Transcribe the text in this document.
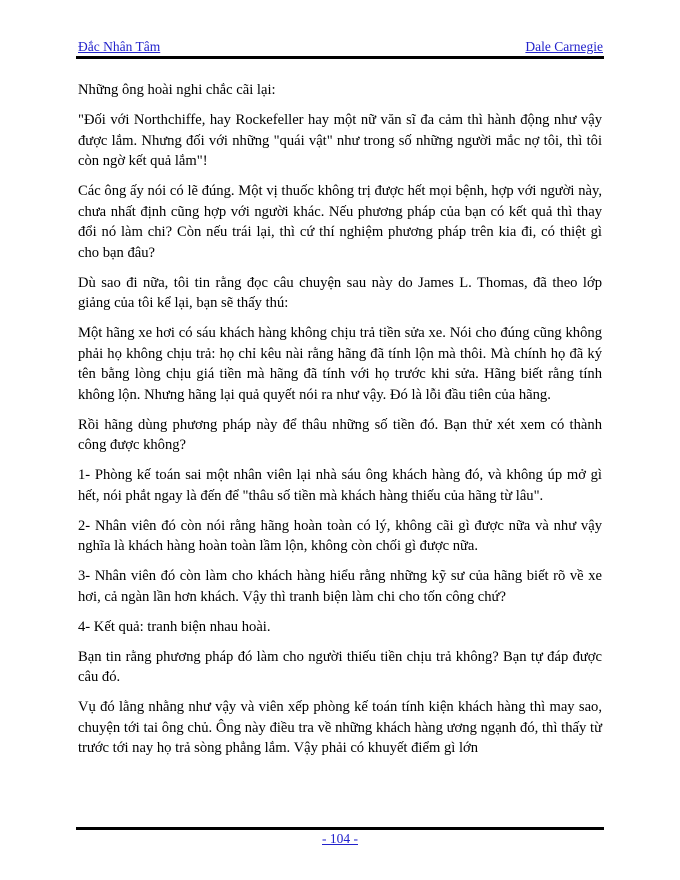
Đắc Nhân Tâm	Dale Carnegie

Những ông hoài nghi chắc cãi lại:

"Đối với Northchiffe, hay Rockefeller hay một nữ văn sĩ đa cảm thì hành động như vậy được lắm. Nhưng đối với những "quái vật" như trong số những người mắc nợ tôi, thì tôi còn ngờ kết quả lắm"!

Các ông ấy nói có lẽ đúng. Một vị thuốc không trị được hết mọi bệnh, hợp với người này, chưa nhất định cũng hợp với người khác. Nếu phương pháp của bạn có kết quả thì thay đổi nó làm chi? Còn nếu trái lại, thì cứ thí nghiệm phương pháp trên kia đi, có thiệt gì cho bạn đâu?

Dù sao đi nữa, tôi tin rằng đọc câu chuyện sau này do James L. Thomas, đã theo lớp giảng của tôi kể lại, bạn sẽ thấy thú:

Một hãng xe hơi có sáu khách hàng không chịu trả tiền sửa xe. Nói cho đúng cũng không phải họ không chịu trả: họ chỉ kêu nài rằng hãng đã tính lộn mà thôi. Mà chính họ đã ký tên bằng lòng chịu giá tiền mà hãng đã tính với họ trước khi sửa. Hãng biết rằng tính không lộn. Nhưng hãng lại quả quyết nói ra như vậy. Đó là lỗi đầu tiên của hãng.

Rồi hãng dùng phương pháp này để thâu những số tiền đó. Bạn thử xét xem có thành công được không?

1- Phòng kế toán sai một nhân viên lại nhà sáu ông khách hàng đó, và không úp mở gì hết, nói phắt ngay là đến để "thâu số tiền mà khách hàng thiếu của hãng từ lâu".

2- Nhân viên đó còn nói rằng hãng hoàn toàn có lý, không cãi gì được nữa và như vậy nghĩa là khách hàng hoàn toàn lầm lộn, không còn chối gì được nữa.

3- Nhân viên đó còn làm cho khách hàng hiểu rằng những kỹ sư của hãng biết rõ về xe hơi, cả ngàn lần hơn khách. Vậy thì tranh biện làm chi cho tốn công chứ?

4- Kết quả: tranh biện nhau hoài.

Bạn tin rằng phương pháp đó làm cho người thiếu tiền chịu trả không? Bạn tự đáp được câu đó.

Vụ đó lằng nhằng như vậy và viên xếp phòng kế toán tính kiện khách hàng thì may sao, chuyện tới tai ông chủ. Ông này điều tra về những khách hàng ương ngạnh đó, thì thấy từ trước tới nay họ trả sòng phẳng lắm. Vậy phải có khuyết điểm gì lớn

- 104 -
